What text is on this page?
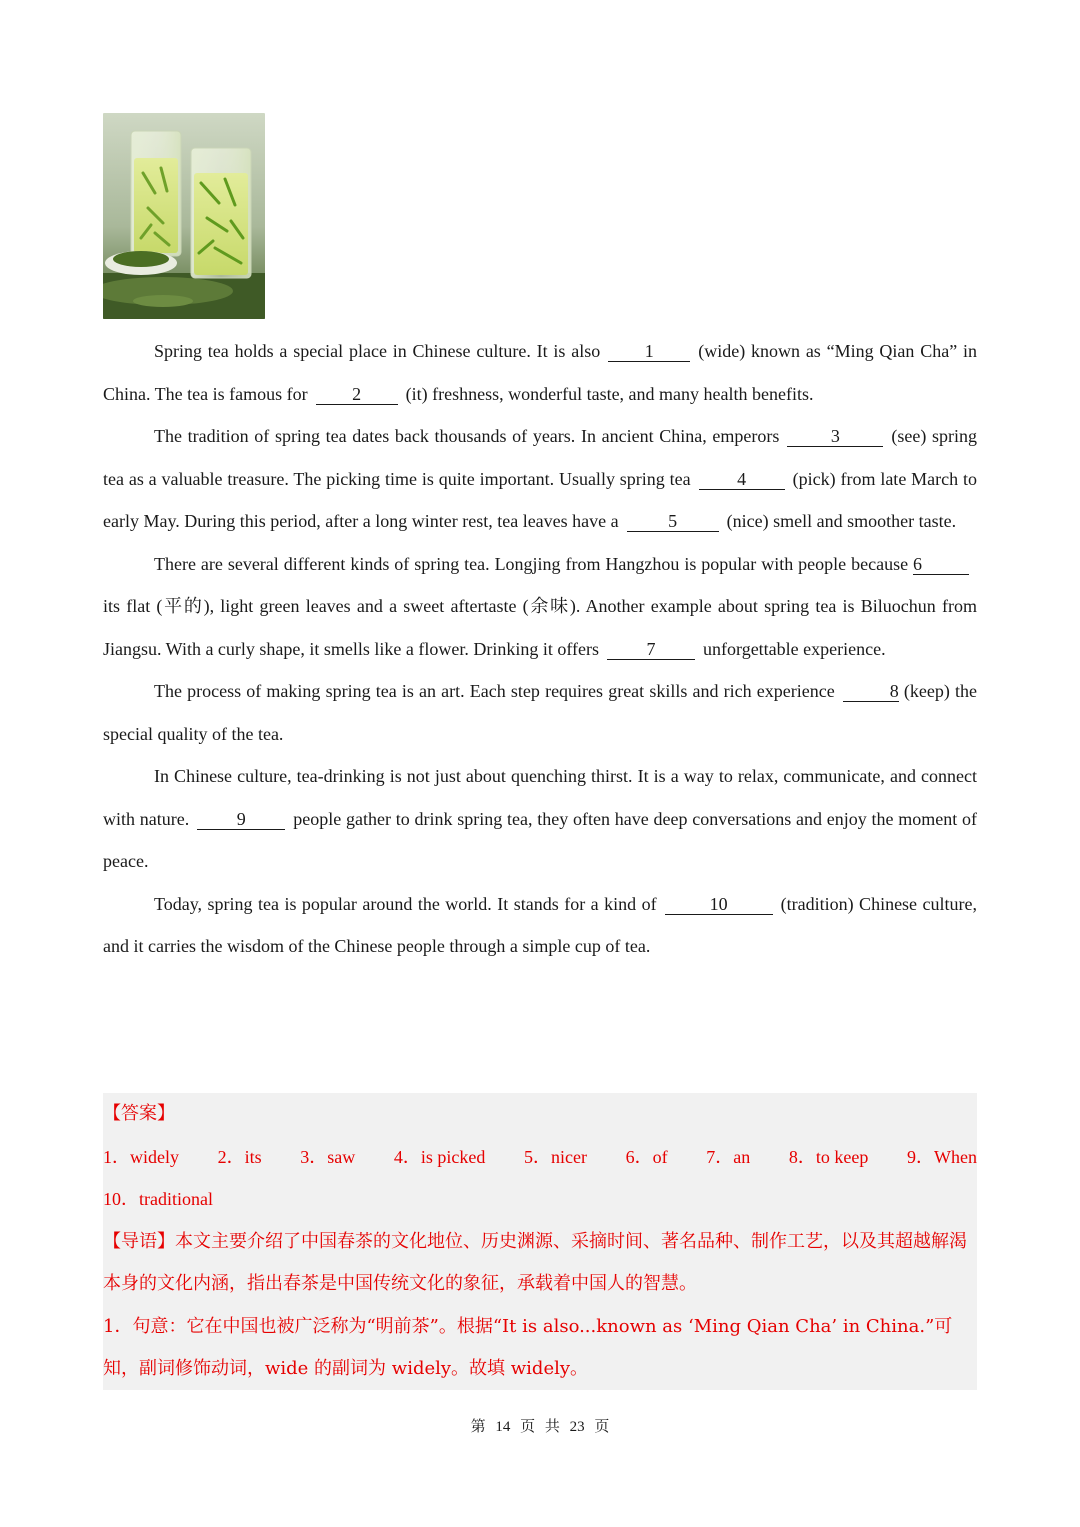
Spring tea holds a special place in Chinese culture. It is also 1 (wide) known as “Ming Qian Cha” in China. The tea is famous for 2 (it) freshness, wonderful taste, and many health benefits.

The tradition of spring tea dates back thousands of years. In ancient China, emperors	3	(see) spring tea as a valuable treasure. The picking time is quite important. Usually spring tea	4	(pick) from late March to early May. During this period, after a long winter rest, tea leaves have a	5	(nice) smell and smoother taste.

There are several different kinds of spring tea. Longjing from Hangzhou is popular with people because 6its flat (平的), light green leaves and a sweet aftertaste (余味). Another example about spring tea is Biluochun from Jiangsu. With a curly shape, it smells like a flower. Drinking it offers	7	unforgettable experience.

The process of making spring tea is an art. Each step requires great skills and rich experience	8 (keep) the special quality of the tea.

In Chinese culture, tea-drinking is not just about quenching thirst. It is a way to relax, communicate, and connect with nature.	9	people gather to drink spring tea, they often have deep conversations and enjoy the moment of peace.

Today, spring tea is popular around the world. It stands for a kind of	10	(tradition) Chinese culture, and it carries the wisdom of the Chinese people through a simple cup of tea.

【答案】

1．widely 2．its 3．saw 4．is picked 5．nicer 6．of 7．an 8．to keep 9．When

10．traditional

【导语】本文主要介绍了中国春茶的文化地位、历史渊源、采摘时间、著名品种、制作工艺，以及其超越解渴本身的文化内涵，指出春茶是中国传统文化的象征，承载着中国人的智慧。

1．句意：它在中国也被广泛称为“明前茶”。根据“It is also...known as ‘Ming Qian Cha’ in China.”可知，副词修饰动词，wide 的副词为 widely。故填 widely。

第 14 页 共 23 页
